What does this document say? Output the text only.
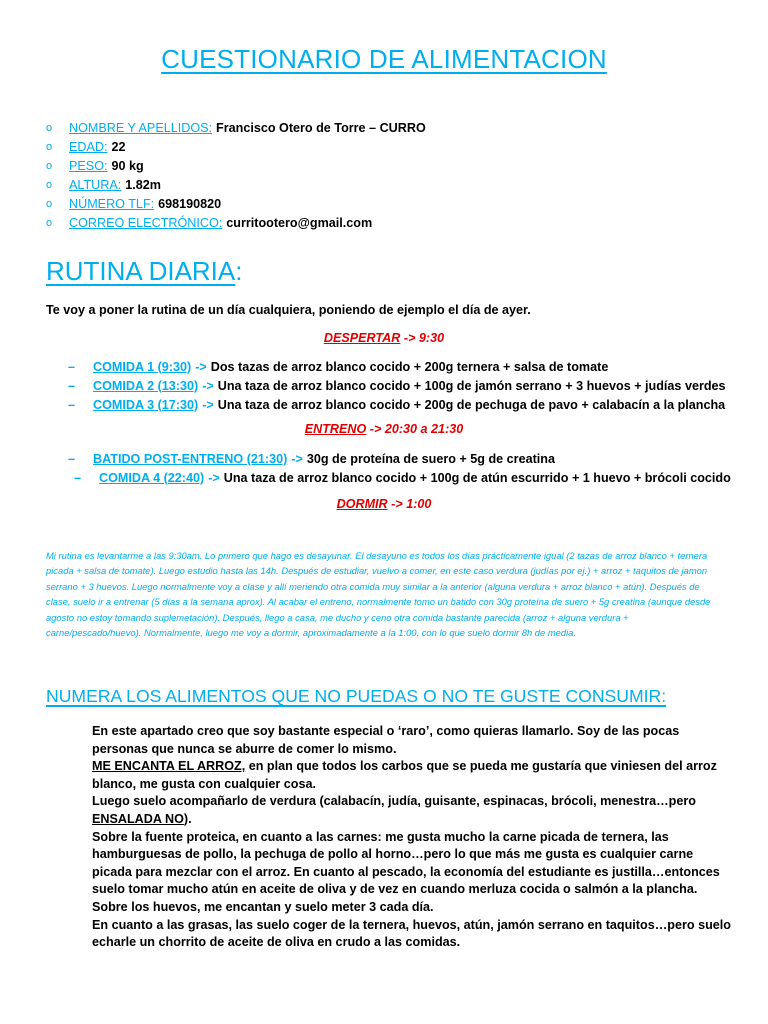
CUESTIONARIO DE ALIMENTACION
o	NOMBRE Y APELLIDOS: Francisco Otero de Torre – CURRO
o	EDAD: 22
o	PESO: 90 kg
o	ALTURA: 1.82m
o	NÚMERO TLF: 698190820
o	CORREO ELECTRÓNICO: curritootero@gmail.com
RUTINA DIARIA:

Te voy a poner la rutina de un día cualquiera, poniendo de ejemplo el día de ayer.

DESPERTAR -> 9:30

–	COMIDA 1 (9:30) -> Dos tazas de arroz blanco cocido + 200g ternera + salsa de tomate
–	COMIDA 2 (13:30) -> Una taza de arroz blanco cocido + 100g de jamón serrano + 3 huevos + judías verdes
–	COMIDA 3 (17:30) -> Una taza de arroz blanco cocido + 200g de pechuga de pavo + calabacín a la plancha

ENTRENO -> 20:30 a 21:30

–	BATIDO POST-ENTRENO (21:30) -> 30g de proteína de suero + 5g de creatina
–	COMIDA 4 (22:40) -> Una taza de arroz blanco cocido + 100g de atún escurrido + 1 huevo + brócoli cocido

DORMIR -> 1:00

Mi rutina es levantarme a las 9:30am. Lo primero que hago es desayunar. El desayuno es todos los días prácticamente igual (2 tazas de arroz blanco + ternera picada + salsa de tomate). Luego estudio hasta las 14h. Después de estudiar, vuelvo a comer, en este caso verdura (judías por ej.) + arroz + taquitos de jamon serrano + 3 huevos. Luego normalmente voy a clase y allí meriendo otra comida muy similar a la anterior (alguna verdura + arroz blanco + atún). Después de clase, suelo ir a entrenar (5 días a la semana aprox). Al acabar el entreno, normalmente tomo un batido con 30g proteína de suero + 5g creatina (aunque desde agosto no estoy tomando suplemetación). Después, llego a casa, me ducho y ceno otra comida bastante parecida (arroz + alguna verdura + carne/pescado/huevo). Normalmente, luego me voy a dormir, aproximadamente a la 1:00, con lo que suelo dormir 8h de media.

NUMERA LOS ALIMENTOS QUE NO PUEDAS O NO TE GUSTE CONSUMIR:
En este apartado creo que soy bastante especial o ‘raro’, como quieras llamarlo. Soy de las pocas personas que nunca se aburre de comer lo mismo.
ME ENCANTA EL ARROZ, en plan que todos los carbos que se pueda me gustaría que viniesen del arroz blanco, me gusta con cualquier cosa.
Luego suelo acompañarlo de verdura (calabacín, judía, guisante, espinacas, brócoli, menestra…pero ENSALADA NO).
Sobre la fuente proteica, en cuanto a las carnes: me gusta mucho la carne picada de ternera, las hamburguesas de pollo, la pechuga de pollo al horno…pero lo que más me gusta es cualquier carne picada para mezclar con el arroz. En cuanto al pescado, la economía del estudiante es justilla…entonces suelo tomar mucho atún en aceite de oliva y de vez en cuando merluza cocida o salmón a la plancha.
Sobre los huevos, me encantan y suelo meter 3 cada día.
En cuanto a las grasas, las suelo coger de la ternera, huevos, atún, jamón serrano en taquitos…pero suelo echarle un chorrito de aceite de oliva en crudo a las comidas.
